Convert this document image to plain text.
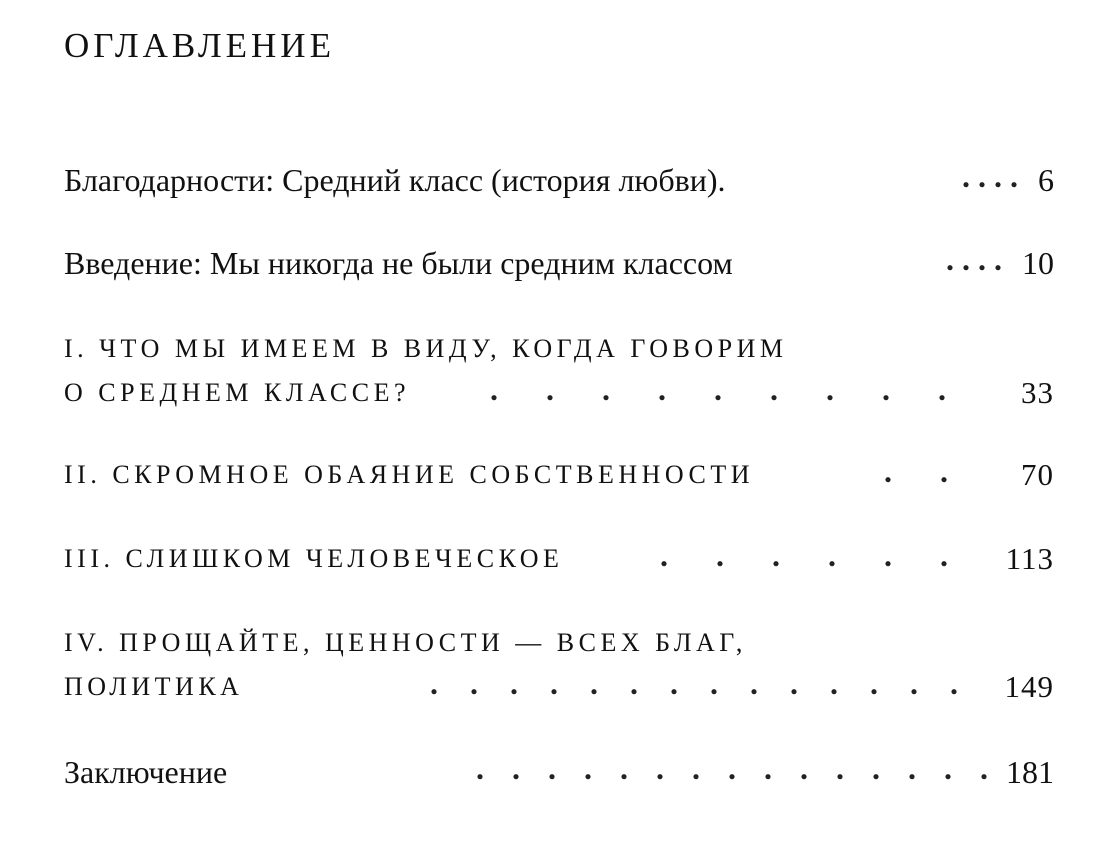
ОГЛАВЛЕНИЕ
Благодарности: Средний класс (история любви).	. . . . 6
Введение: Мы никогда не были средним классом	. . . . 10
I. ЧТО МЫ ИМЕЕМ В ВИДУ, КОГДА ГОВОРИМ
О СРЕДНЕМ КЛАССЕ?	. . . . . . . . . 33
II. СКРОМНОЕ ОБАЯНИЕ СОБСТВЕННОСТИ	. . 70
III. СЛИШКОМ ЧЕЛОВЕЧЕСКОЕ	. . . . . . 113
IV. ПРОЩАЙТЕ, ЦЕННОСТИ — ВСЕХ БЛАГ,
ПОЛИТИКА	. . . . . . . . . . . . . . 149
Заключение	. . . . . . . . . . . . . . . 181
